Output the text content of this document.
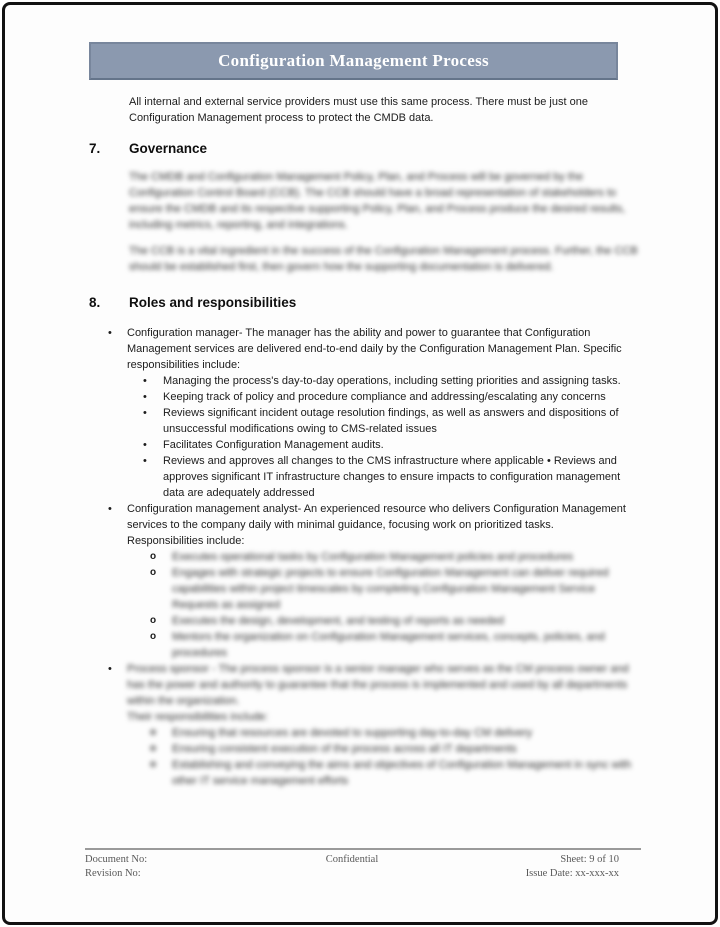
Configuration Management Process
All internal and external service providers must use this same process. There must be just one Configuration Management process to protect the CMDB data.
7.	Governance
The CMDB and Configuration Management Policy, Plan, and Process will be governed by the Configuration Control Board (CCB). The CCB should have a broad representation of stakeholders to ensure the CMDB and its respective supporting Policy, Plan, and Process produce the desired results, including metrics, reporting, and integrations.
The CCB is a vital ingredient in the success of the Configuration Management process. Further, the CCB should be established first, then govern how the supporting documentation is delivered.
8.	Roles and responsibilities
•	Configuration manager- The manager has the ability and power to guarantee that Configuration Management services are delivered end-to-end daily by the Configuration Management Plan. Specific responsibilities include:
•	Managing the process's day-to-day operations, including setting priorities and assigning tasks.
•	Keeping track of policy and procedure compliance and addressing/escalating any concerns
•	Reviews significant incident outage resolution findings, as well as answers and dispositions of unsuccessful modifications owing to CMS-related issues
•	Facilitates Configuration Management audits.
•	Reviews and approves all changes to the CMS infrastructure where applicable • Reviews and approves significant IT infrastructure changes to ensure impacts to configuration management data are adequately addressed
•	Configuration management analyst- An experienced resource who delivers Configuration Management services to the company daily with minimal guidance, focusing work on prioritized tasks.
Responsibilities include:
o	Executes operational tasks by Configuration Management policies and procedures
o	Engages with strategic projects to ensure Configuration Management can deliver required capabilities within project timescales by completing Configuration Management Service Requests as assigned
o	Executes the design, development, and testing of reports as needed
o	Mentors the organization on Configuration Management services, concepts, policies, and procedures
•	Process sponsor - The process sponsor is a senior manager who serves as the CM process owner and has the power and authority to guarantee that the process is implemented and used by all departments within the organization.
Their responsibilities include:
o	Ensuring that resources are devoted to supporting day-to-day CM delivery
o	Ensuring consistent execution of the process across all IT departments
o	Establishing and conveying the aims and objectives of Configuration Management in sync with other IT service management efforts
Document No:	Confidential	Sheet: 9 of 10
Revision No:	Issue Date: xx-xxx-xx
